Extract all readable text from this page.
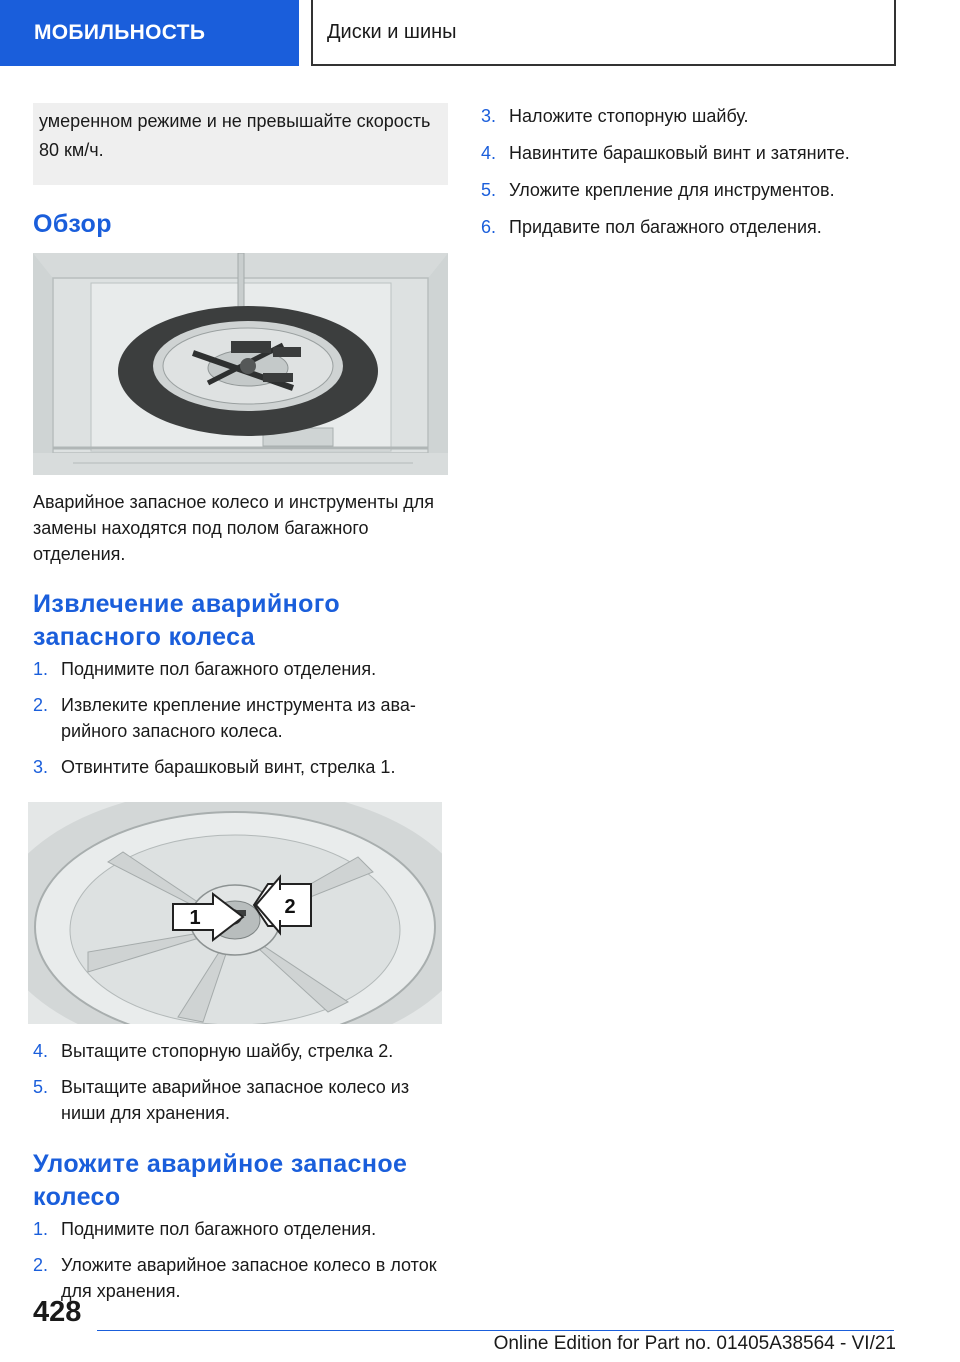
МОБИЛЬНОСТЬ	Диски и шины
умеренном режиме и не превышайте скорость 80 км/ч.
Обзор

Аварийное запасное колесо и инструменты для замены находятся под полом багажного отделения.

Извлечение аварийного запасного колеса
1. Поднимите пол багажного отделения.
2. Извлеките крепление инструмента из аварийного запасного колеса.
3. Отвинтите барашковый винт, стрелка 1.
1	2
4. Вытащите стопорную шайбу, стрелка 2.
5. Вытащите аварийное запасное колесо из ниши для хранения.
Уложите аварийное запасное колесо
1. Поднимите пол багажного отделения.
2. Уложите аварийное запасное колесо в лоток для хранения.
3. Наложите стопорную шайбу.
4. Навинтите барашковый винт и затяните.
5. Уложите крепление для инструментов.
6. Придавите пол багажного отделения.
428
Online Edition for Part no. 01405A38564 - VI/21
